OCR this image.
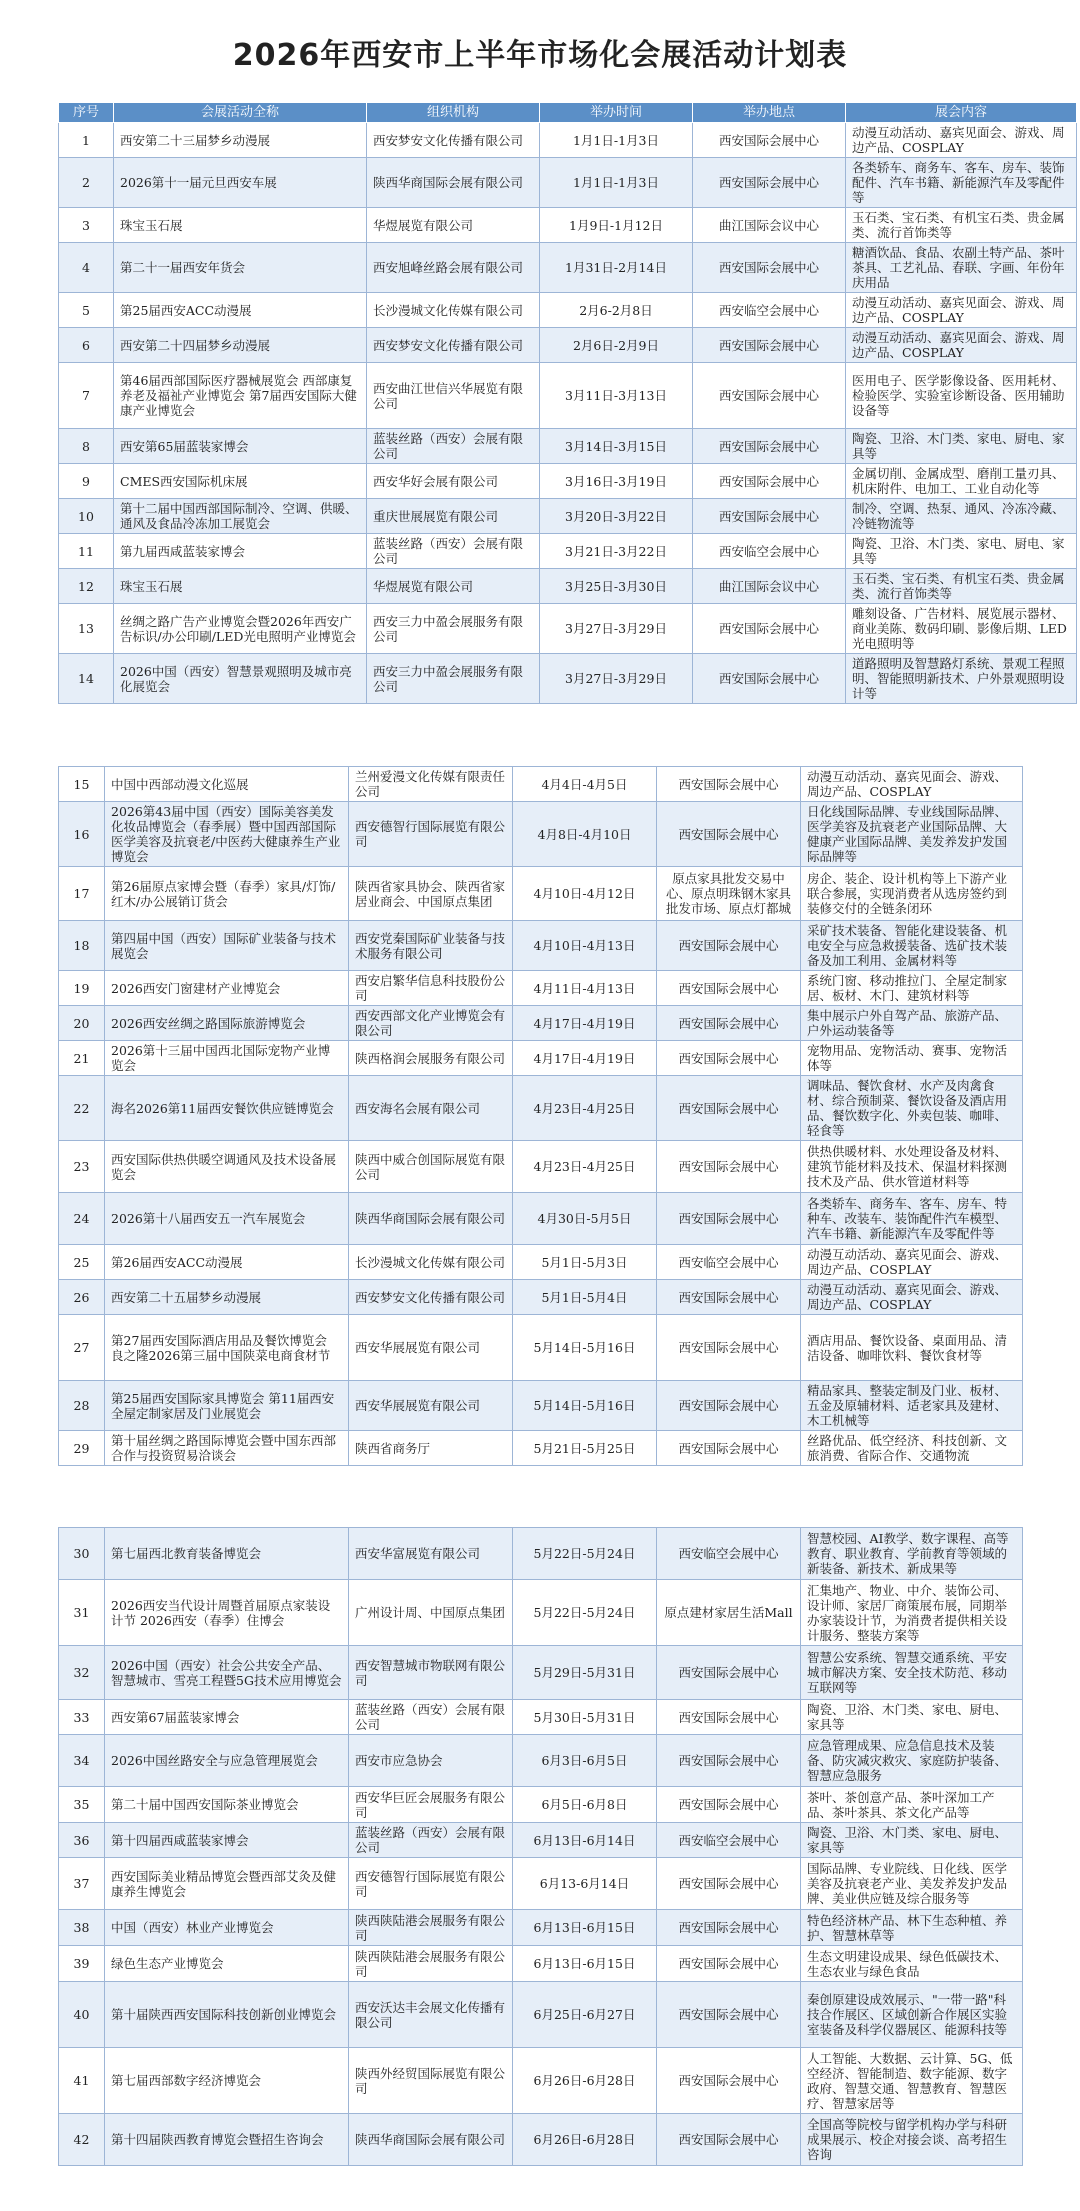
2026年西安市上半年市场化会展活动计划表
序号	会展活动全称	组织机构	举办时间	举办地点	展会内容
1	西安第二十三届梦乡动漫展	西安梦安文化传播有限公司	1月1日-1月3日	西安国际会展中心	动漫互动活动、嘉宾见面会、游戏、周边产品、COSPLAY
2	2026第十一届元旦西安车展	陕西华商国际会展有限公司	1月1日-1月3日	西安国际会展中心	各类轿车、商务车、客车、房车、装饰配件、汽车书籍、新能源汽车及零配件等
3	珠宝玉石展	华煜展览有限公司	1月9日-1月12日	曲江国际会议中心	玉石类、宝石类、有机宝石类、贵金属类、流行首饰类等
4	第二十一届西安年货会	西安旭峰丝路会展有限公司	1月31日-2月14日	西安国际会展中心	糖酒饮品、食品、农副土特产品、茶叶茶具、工艺礼品、春联、字画、年份年庆用品
5	第25届西安ACC动漫展	长沙漫城文化传媒有限公司	2月6-2月8日	西安临空会展中心	动漫互动活动、嘉宾见面会、游戏、周边产品、COSPLAY
6	西安第二十四届梦乡动漫展	西安梦安文化传播有限公司	2月6日-2月9日	西安国际会展中心	动漫互动活动、嘉宾见面会、游戏、周边产品、COSPLAY
7	第46届西部国际医疗器械展览会 西部康复养老及福祉产业博览会 第7届西安国际大健康产业博览会	西安曲江世信兴华展览有限公司	3月11日-3月13日	西安国际会展中心	医用电子、医学影像设备、医用耗材、检验医学、实验室诊断设备、医用辅助设备等
8	西安第65届蓝装家博会	蓝装丝路（西安）会展有限公司	3月14日-3月15日	西安国际会展中心	陶瓷、卫浴、木门类、家电、厨电、家具等
9	CMES西安国际机床展	西安华好会展有限公司	3月16日-3月19日	西安国际会展中心	金属切削、金属成型、磨削工量刃具、机床附件、电加工、工业自动化等
10	第十二届中国西部国际制冷、空调、供暖、通风及食品冷冻加工展览会	重庆世展展览有限公司	3月20日-3月22日	西安国际会展中心	制冷、空调、热泵、通风、冷冻冷藏、冷链物流等
11	第九届西咸蓝装家博会	蓝装丝路（西安）会展有限公司	3月21日-3月22日	西安临空会展中心	陶瓷、卫浴、木门类、家电、厨电、家具等
12	珠宝玉石展	华煜展览有限公司	3月25日-3月30日	曲江国际会议中心	玉石类、宝石类、有机宝石类、贵金属类、流行首饰类等
13	丝绸之路广告产业博览会暨2026年西安广告标识/办公印刷/LED光电照明产业博览会	西安三力中盈会展服务有限公司	3月27日-3月29日	西安国际会展中心	雕刻设备、广告材料、展览展示器材、商业美陈、数码印刷、影像后期、LED光电照明等
14	2026中国（西安）智慧景观照明及城市亮化展览会	西安三力中盈会展服务有限公司	3月27日-3月29日	西安国际会展中心	道路照明及智慧路灯系统、景观工程照明、智能照明新技术、户外景观照明设计等
15	中国中西部动漫文化巡展	兰州爱漫文化传媒有限责任公司	4月4日-4月5日	西安国际会展中心	动漫互动活动、嘉宾见面会、游戏、周边产品、COSPLAY
16	2026第43届中国（西安）国际美容美发化妆品博览会（春季展）暨中国西部国际医学美容及抗衰老/中医药大健康养生产业博览会	西安德智行国际展览有限公司	4月8日-4月10日	西安国际会展中心	日化线国际品牌、专业线国际品牌、医学美容及抗衰老产业国际品牌、大健康产业国际品牌、美发养发护发国际品牌等
17	第26届原点家博会暨（春季）家具/灯饰/红木/办公展销订货会	陕西省家具协会、陕西省家居业商会、中国原点集团	4月10日-4月12日	原点家具批发交易中心、原点明珠钢木家具批发市场、原点灯都城	房企、装企、设计机构等上下游产业联合参展，实现消费者从选房签约到装修交付的全链条闭环
18	第四届中国（西安）国际矿业装备与技术展览会	西安党秦国际矿业装备与技术服务有限公司	4月10日-4月13日	西安国际会展中心	采矿技术装备、智能化建设装备、机电安全与应急救援装备、选矿技术装备及加工利用、金属材料等
19	2026西安门窗建材产业博览会	西安启繁华信息科技股份公司	4月11日-4月13日	西安国际会展中心	系统门窗、移动推拉门、全屋定制家居、板材、木门、建筑材料等
20	2026西安丝绸之路国际旅游博览会	西安西部文化产业博览会有限公司	4月17日-4月19日	西安国际会展中心	集中展示户外自驾产品、旅游产品、户外运动装备等
21	2026第十三届中国西北国际宠物产业博览会	陕西格润会展服务有限公司	4月17日-4月19日	西安国际会展中心	宠物用品、宠物活动、赛事、宠物活体等
22	海名2026第11届西安餐饮供应链博览会	西安海名会展有限公司	4月23日-4月25日	西安国际会展中心	调味品、餐饮食材、水产及肉禽食材、综合预制菜、餐饮设备及酒店用品、餐饮数字化、外卖包装、咖啡、轻食等
23	西安国际供热供暖空调通风及技术设备展览会	陕西中威合创国际展览有限公司	4月23日-4月25日	西安国际会展中心	供热供暖材料、水处理设备及材料、建筑节能材料及技术、保温材料探测技术及产品、供水管道材料等
24	2026第十八届西安五一汽车展览会	陕西华商国际会展有限公司	4月30日-5月5日	西安国际会展中心	各类轿车、商务车、客车、房车、特种车、改装车、装饰配件汽车模型、汽车书籍、新能源汽车及零配件等
25	第26届西安ACC动漫展	长沙漫城文化传媒有限公司	5月1日-5月3日	西安临空会展中心	动漫互动活动、嘉宾见面会、游戏、周边产品、COSPLAY
26	西安第二十五届梦乡动漫展	西安梦安文化传播有限公司	5月1日-5月4日	西安国际会展中心	动漫互动活动、嘉宾见面会、游戏、周边产品、COSPLAY
27	第27届西安国际酒店用品及餐饮博览会 良之隆2026第三届中国陕菜电商食材节	西安华展展览有限公司	5月14日-5月16日	西安国际会展中心	酒店用品、餐饮设备、桌面用品、清洁设备、咖啡饮料、餐饮食材等
28	第25届西安国际家具博览会 第11届西安全屋定制家居及门业展览会	西安华展展览有限公司	5月14日-5月16日	西安国际会展中心	精品家具、整装定制及门业、板材、五金及原辅材料、适老家具及建材、木工机械等
29	第十届丝绸之路国际博览会暨中国东西部合作与投资贸易洽谈会	陕西省商务厅	5月21日-5月25日	西安国际会展中心	丝路优品、低空经济、科技创新、文旅消费、省际合作、交通物流
30	第七届西北教育装备博览会	西安华富展览有限公司	5月22日-5月24日	西安临空会展中心	智慧校园、AI教学、数字课程、高等教育、职业教育、学前教育等领域的新装备、新技术、新成果等
31	2026西安当代设计周暨首届原点家装设计节 2026西安（春季）住博会	广州设计周、中国原点集团	5月22日-5月24日	原点建材家居生活Mall	汇集地产、物业、中介、装饰公司、设计师、家居厂商策展布展，同期举办家装设计节，为消费者提供相关设计服务、整装方案等
32	2026中国（西安）社会公共安全产品、智慧城市、雪亮工程暨5G技术应用博览会	西安智慧城市物联网有限公司	5月29日-5月31日	西安国际会展中心	智慧公安系统、智慧交通系统、平安城市解决方案、安全技术防范、移动互联网等
33	西安第67届蓝装家博会	蓝装丝路（西安）会展有限公司	5月30日-5月31日	西安国际会展中心	陶瓷、卫浴、木门类、家电、厨电、家具等
34	2026中国丝路安全与应急管理展览会	西安市应急协会	6月3日-6月5日	西安国际会展中心	应急管理成果、应急信息技术及装备、防灾减灾救灾、家庭防护装备、智慧应急服务
35	第二十届中国西安国际茶业博览会	西安华巨匠会展服务有限公司	6月5日-6月8日	西安国际会展中心	茶叶、茶创意产品、茶叶深加工产品、茶叶茶具、茶文化产品等
36	第十四届西咸蓝装家博会	蓝装丝路（西安）会展有限公司	6月13日-6月14日	西安临空会展中心	陶瓷、卫浴、木门类、家电、厨电、家具等
37	西安国际美业精品博览会暨西部艾灸及健康养生博览会	西安德智行国际展览有限公司	6月13-6月14日	西安国际会展中心	国际品牌、专业院线、日化线、医学美容及抗衰老产业、美发养发护发品牌、美业供应链及综合服务等
38	中国（西安）林业产业博览会	陕西陕陆港会展服务有限公司	6月13日-6月15日	西安国际会展中心	特色经济林产品、林下生态种植、养护、智慧林草等
39	绿色生态产业博览会	陕西陕陆港会展服务有限公司	6月13日-6月15日	西安国际会展中心	生态文明建设成果、绿色低碳技术、生态农业与绿色食品
40	第十届陕西西安国际科技创新创业博览会	西安沃达丰会展文化传播有限公司	6月25日-6月27日	西安国际会展中心	秦创原建设成效展示、"一带一路"科技合作展区、区域创新合作展区实验室装备及科学仪器展区、能源科技等
41	第七届西部数字经济博览会	陕西外经贸国际展览有限公司	6月26日-6月28日	西安国际会展中心	人工智能、大数据、云计算、5G、低空经济、智能制造、数字能源、数字政府、智慧交通、智慧教育、智慧医疗、智慧家居等
42	第十四届陕西教育博览会暨招生咨询会	陕西华商国际会展有限公司	6月26日-6月28日	西安国际会展中心	全国高等院校与留学机构办学与科研成果展示、校企对接会谈、高考招生咨询
